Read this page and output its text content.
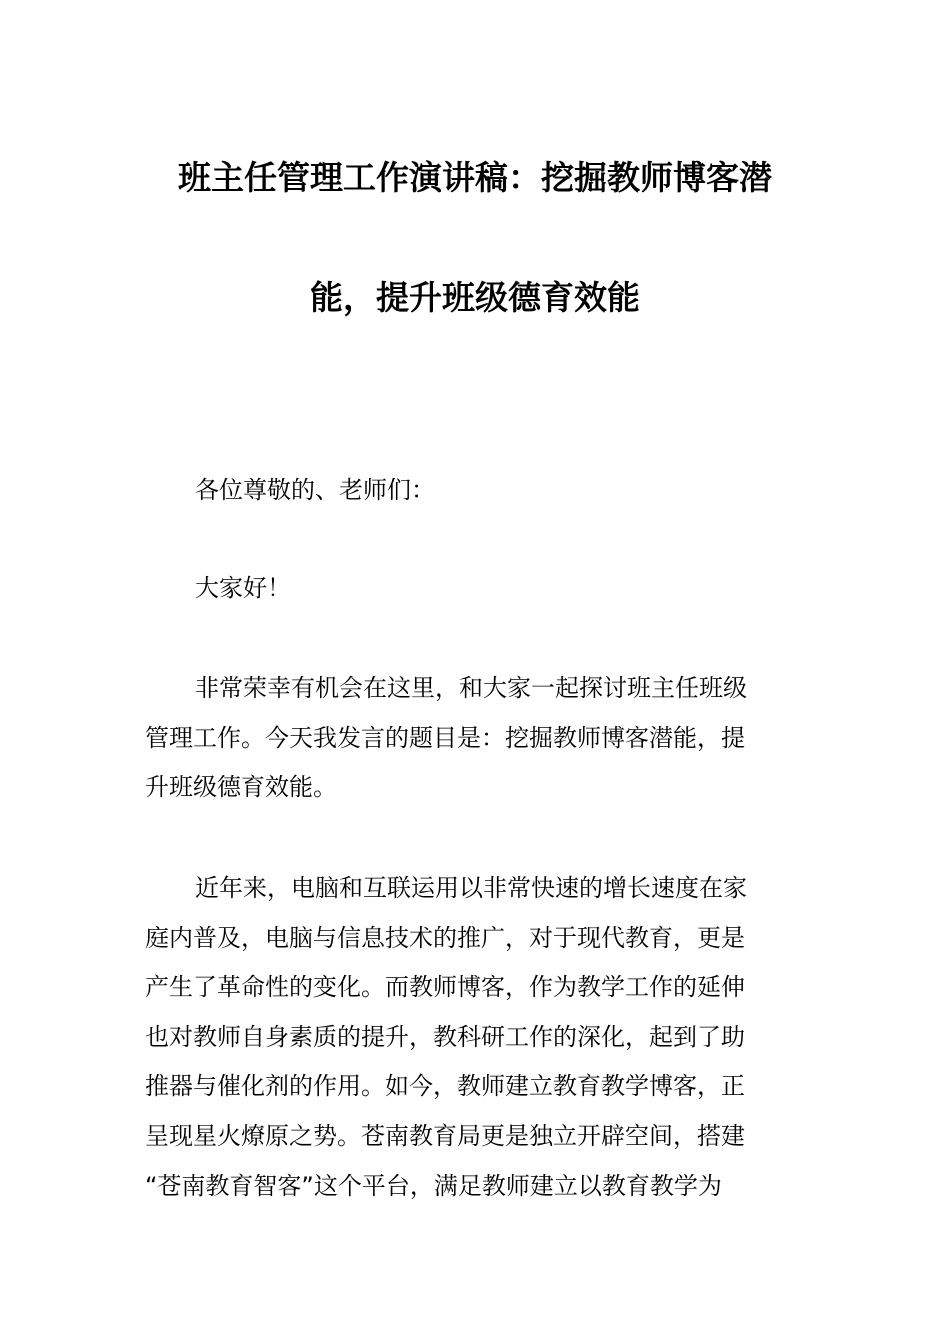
班主任管理工作演讲稿：挖掘教师博客潜
能，提升班级德育效能

各位尊敬的、老师们：

大家好！

非常荣幸有机会在这里，和大家一起探讨班主任班级
管理工作。今天我发言的题目是：挖掘教师博客潜能，提
升班级德育效能。
近年来，电脑和互联运用以非常快速的增长速度在家
庭内普及，电脑与信息技术的推广，对于现代教育，更是
产生了革命性的变化。而教师博客，作为教学工作的延伸
也对教师自身素质的提升，教科研工作的深化，起到了助
推器与催化剂的作用。如今，教师建立教育教学博客，正
呈现星火燎原之势。苍南教育局更是独立开辟空间，搭建
“苍南教育智客”这个平台，满足教师建立以教育教学为
